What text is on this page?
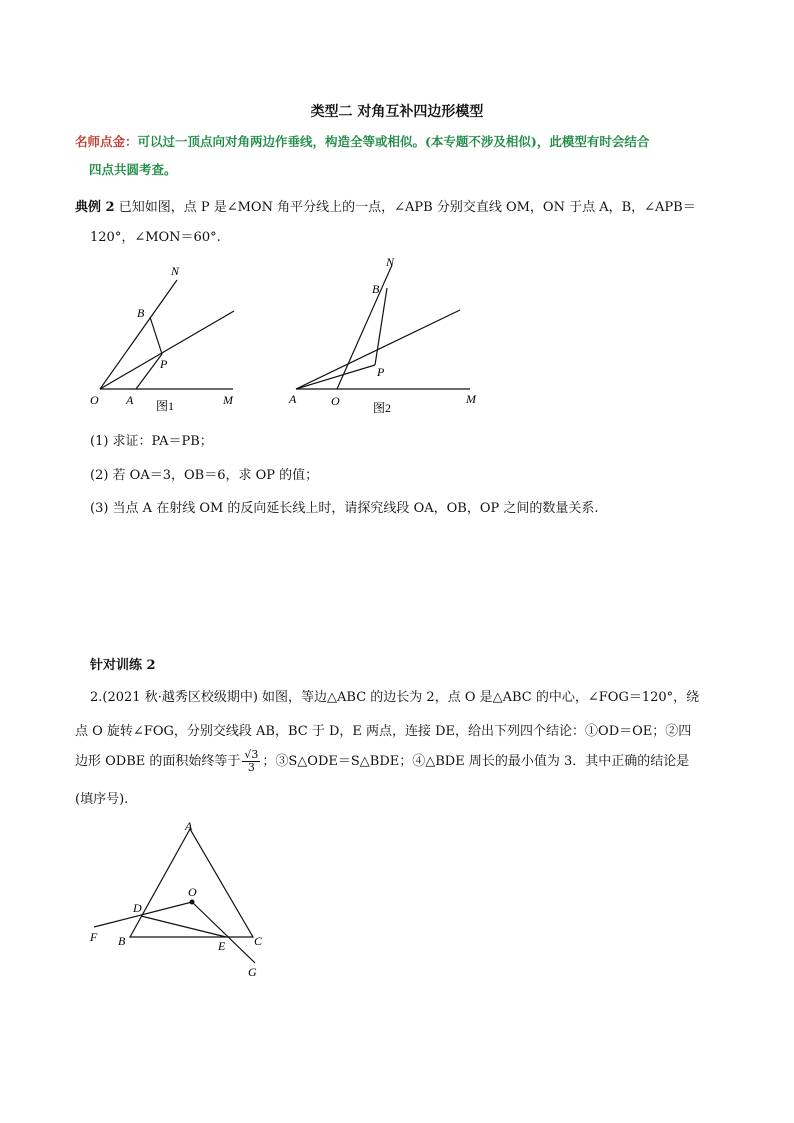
类型二 对角互补四边形模型
名师点金：可以过一顶点向对角两边作垂线，构造全等或相似。(本专题不涉及相似)，此模型有时会结合
四点共圆考查。
典例 2 已知如图，点 P 是∠MON 角平分线上的一点，∠APB 分别交直线 OM，ON 于点 A，B，∠APB＝
120°，∠MON＝60°.
N
B
P
O A	M
图1
N
B
P
A	O	M
图2
(1) 求证：PA＝PB；
(2) 若 OA＝3，OB＝6，求 OP 的值；
(3) 当点 A 在射线 OM 的反向延长线上时，请探究线段 OA，OB，OP 之间的数量关系.
针对训练 2
2.(2021 秋·越秀区校级期中) 如图，等边△ABC 的边长为 2，点 O 是△ABC 的中心，∠FOG＝120°，绕
点 O 旋转∠FOG，分别交线段 AB，BC 于 D，E 两点，连接 DE，给出下列四个结论：①OD＝OE；②四
边形 ODBE 的面积始终等于 $\frac{√3}{3}$ ；③S△ODE＝S△BDE；④△BDE 周长的最小值为 3．其中正确的结论是
(填序号).
A
O
D
F B	E C
G
